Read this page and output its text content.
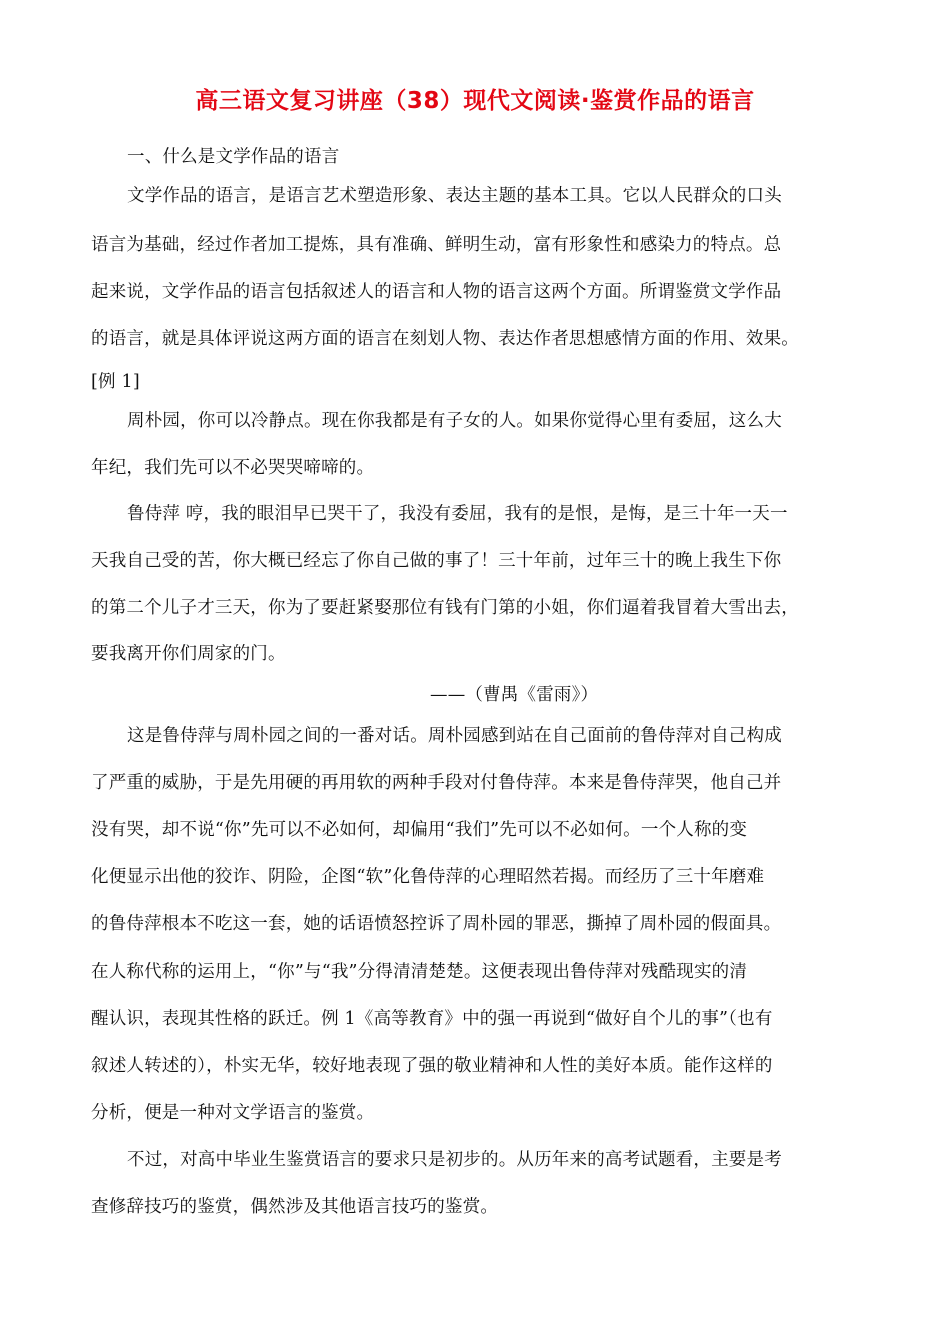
高三语文复习讲座（38）现代文阅读·鉴赏作品的语言
一、什么是文学作品的语言
文学作品的语言，是语言艺术塑造形象、表达主题的基本工具。它以人民群众的口头
语言为基础，经过作者加工提炼，具有准确、鲜明生动，富有形象性和感染力的特点。总
起来说，文学作品的语言包括叙述人的语言和人物的语言这两个方面。所谓鉴赏文学作品
的语言，就是具体评说这两方面的语言在刻划人物、表达作者思想感情方面的作用、效果。
[例 1]
周朴园，你可以冷静点。现在你我都是有子女的人。如果你觉得心里有委屈，这么大
年纪，我们先可以不必哭哭啼啼的。
鲁侍萍 哼，我的眼泪早已哭干了，我没有委屈，我有的是恨，是悔，是三十年一天一
天我自己受的苦，你大概已经忘了你自己做的事了！三十年前，过年三十的晚上我生下你
的第二个儿子才三天，你为了要赶紧娶那位有钱有门第的小姐，你们逼着我冒着大雪出去，
要我离开你们周家的门。
——（曹禺《雷雨》）
这是鲁侍萍与周朴园之间的一番对话。周朴园感到站在自己面前的鲁侍萍对自己构成
了严重的威胁，于是先用硬的再用软的两种手段对付鲁侍萍。本来是鲁侍萍哭，他自己并
没有哭，却不说“你”先可以不必如何，却偏用“我们”先可以不必如何。一个人称的变
化便显示出他的狡诈、阴险，企图“软”化鲁侍萍的心理昭然若揭。而经历了三十年磨难
的鲁侍萍根本不吃这一套，她的话语愤怒控诉了周朴园的罪恶，撕掉了周朴园的假面具。
在人称代称的运用上，“你”与“我”分得清清楚楚。这便表现出鲁侍萍对残酷现实的清
醒认识，表现其性格的跃迁。例 1《高等教育》中的强一再说到“做好自个儿的事”（也有
叙述人转述的），朴实无华，较好地表现了强的敬业精神和人性的美好本质。能作这样的
分析，便是一种对文学语言的鉴赏。
不过，对高中毕业生鉴赏语言的要求只是初步的。从历年来的高考试题看，主要是考
查修辞技巧的鉴赏，偶然涉及其他语言技巧的鉴赏。
